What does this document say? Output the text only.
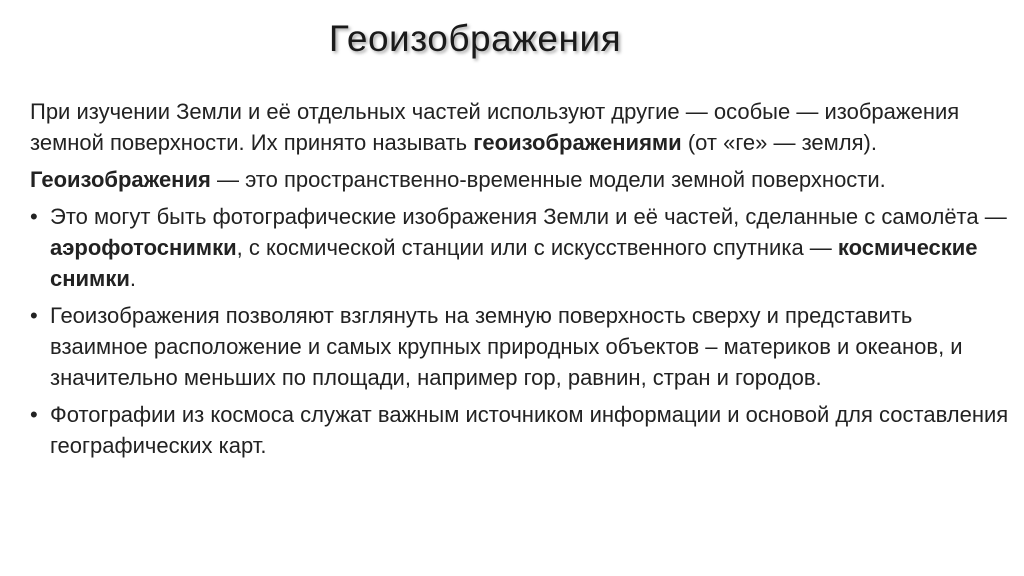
Геоизображения

При изучении Земли и её отдельных частей используют другие — особые — изображения земной поверхности. Их принято называть геоизображениями (от «ге» — земля).

Геоизображения — это пространственно-временные модели земной поверхности.

• Это могут быть фотографические изображения Земли и её частей, сделанные с самолёта — аэрофотоснимки, с космической станции или с искусственного спутника — космические снимки.
• Геоизображения позволяют взглянуть на земную поверхность сверху и представить взаимное расположение и самых крупных природных объектов – материков и океанов, и значительно меньших по площади, например гор, равнин, стран и городов.
• Фотографии из космоса служат важным источником информации и основой для составления географических карт.
